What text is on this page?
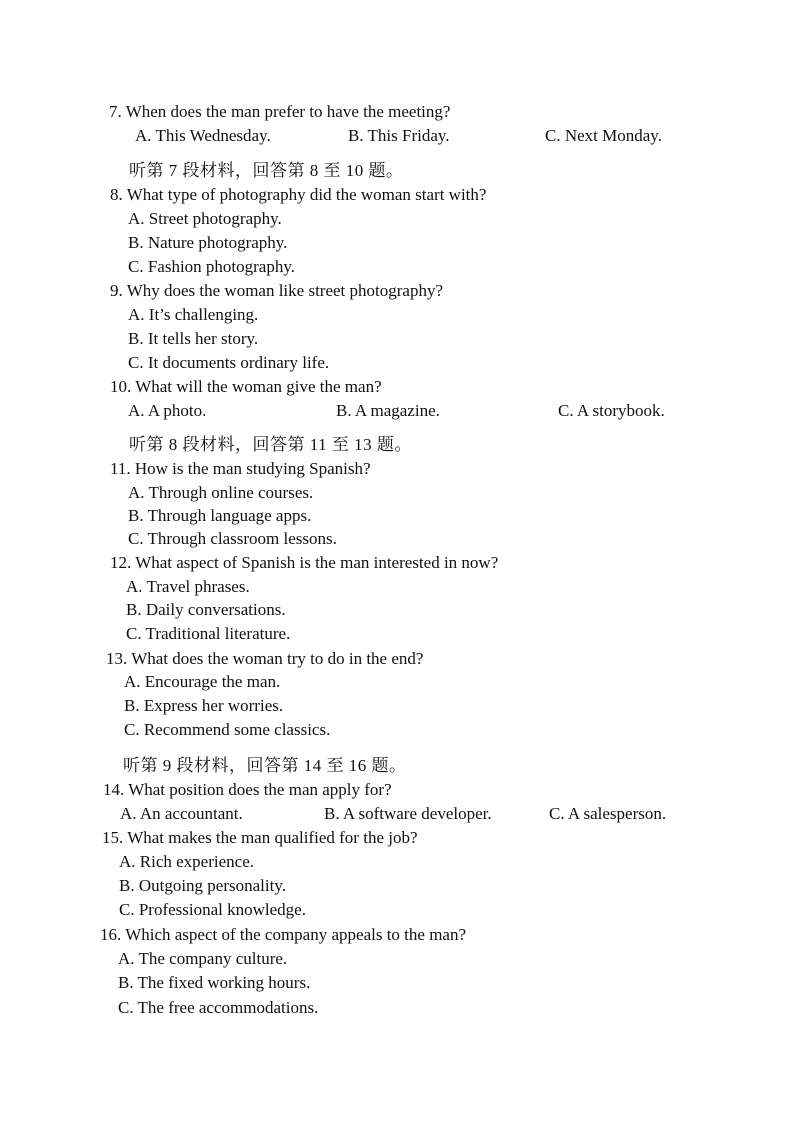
7. When does the man prefer to have the meeting?
A. This Wednesday.	B. This Friday.	C. Next Monday.
听第 7 段材料，回答第 8 至 10 题。
8. What type of photography did the woman start with?
A. Street photography.
B. Nature photography.
C. Fashion photography.
9. Why does the woman like street photography?
A. It’s challenging.
B. It tells her story.
C. It documents ordinary life.
10. What will the woman give the man?
A. A photo.	B. A magazine.	C. A storybook.
听第 8 段材料，回答第 11 至 13 题。
11. How is the man studying Spanish?
A. Through online courses.
B. Through language apps.
C. Through classroom lessons.
12. What aspect of Spanish is the man interested in now?
A. Travel phrases.
B. Daily conversations.
C. Traditional literature.
13. What does the woman try to do in the end?
A. Encourage the man.
B. Express her worries.
C. Recommend some classics.
听第 9 段材料，回答第 14 至 16 题。
14. What position does the man apply for?
A. An accountant.	B. A software developer.	C. A salesperson.
15. What makes the man qualified for the job?
A. Rich experience.
B. Outgoing personality.
C. Professional knowledge.
16. Which aspect of the company appeals to the man?
A. The company culture.
B. The fixed working hours.
C. The free accommodations.
